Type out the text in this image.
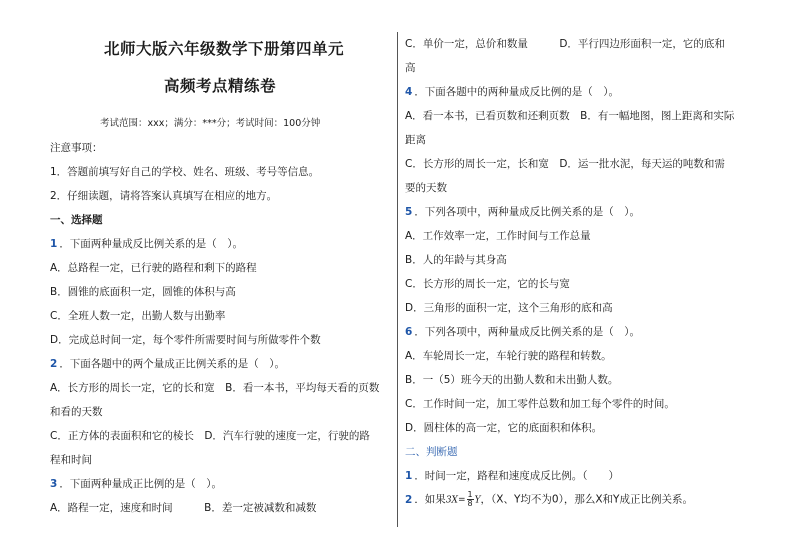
北师大版六年级数学下册第四单元
高频考点精练卷
考试范围：xxx；满分：***分；考试时间：100分钟
注意事项：
1．答题前填写好自己的学校、姓名、班级、考号等信息。
2．仔细读题，请将答案认真填写在相应的地方。
一、选择题
1 ．下面两种量成反比例关系的是（　）。
A．总路程一定，已行驶的路程和剩下的路程
B．圆锥的底面积一定，圆锥的体积与高
C．全班人数一定，出勤人数与出勤率
D．完成总时间一定，每个零件所需要时间与所做零件个数
2 ．下面各题中的两个量成正比例关系的是（　）。
A．长方形的周长一定，它的长和宽　B．看一本书，平均每天看的页数
和看的天数
C．正方体的表面积和它的棱长　D．汽车行驶的速度一定，行驶的路
程和时间
3 ．下面两种量成正比例的是（　）。
A．路程一定，速度和时间　　　B．差一定被减数和减数
C．单价一定，总价和数量　　　D．平行四边形面积一定，它的底和
高
4 ．下面各题中的两种量成反比例的是（　）。
A．看一本书，已看页数和还剩页数　B．有一幅地图，图上距离和实际
距离
C．长方形的周长一定，长和宽　D．运一批水泥，每天运的吨数和需
要的天数
5 ．下列各项中，两种量成反比例关系的是（　）。
A．工作效率一定，工作时间与工作总量
B．人的年龄与其身高
C．长方形的周长一定，它的长与宽
D．三角形的面积一定，这个三角形的底和高
6 ．下列各项中，两种量成反比例关系的是（　）。
A．车轮周长一定，车轮行驶的路程和转数。
B．一（5）班今天的出勤人数和未出勤人数。
C．工作时间一定，加工零件总数和加工每个零件的时间。
D．圆柱体的高一定，它的底面积和体积。
二、判断题
1 ．时间一定，路程和速度成反比例。（　　）
2 ．如果$3X= \frac{1}{8}$ Y，（X、Y均不为0），那么X和Y成正比例关系。
